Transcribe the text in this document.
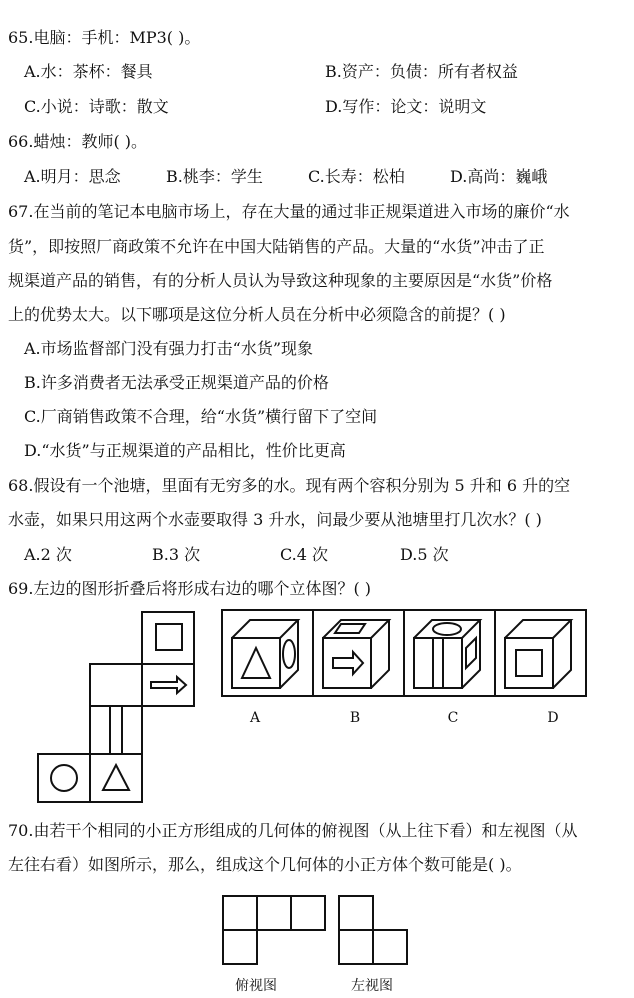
65.电脑：手机：MP3( )。
A.水：茶杯：餐具	B.资产：负债：所有者权益
C.小说：诗歌：散文	D.写作：论文：说明文
66.蜡烛：教师( )。
A.明月：思念	B.桃李：学生	C.长寿：松柏	D.高尚：巍峨
67.在当前的笔记本电脑市场上，存在大量的通过非正规渠道进入市场的廉价“水
货”，即按照厂商政策不允许在中国大陆销售的产品。大量的“水货”冲击了正
规渠道产品的销售，有的分析人员认为导致这种现象的主要原因是“水货”价格
上的优势太大。以下哪项是这位分析人员在分析中必须隐含的前提？( )
A.市场监督部门没有强力打击“水货”现象
B.许多消费者无法承受正规渠道产品的价格
C.厂商销售政策不合理，给“水货”横行留下了空间
D.“水货”与正规渠道的产品相比，性价比更高
68.假设有一个池塘，里面有无穷多的水。现有两个容积分别为 5 升和 6 升的空
水壶，如果只用这两个水壶要取得 3 升水，问最少要从池塘里打几次水？( )
A.2 次	B.3 次	C.4 次	D.5 次
69.左边的图形折叠后将形成右边的哪个立体图？( )
A	B	C	D
70.由若干个相同的小正方形组成的几何体的俯视图（从上往下看）和左视图（从
左往右看）如图所示，那么，组成这个几何体的小正方体个数可能是( )。
俯视图	左视图
